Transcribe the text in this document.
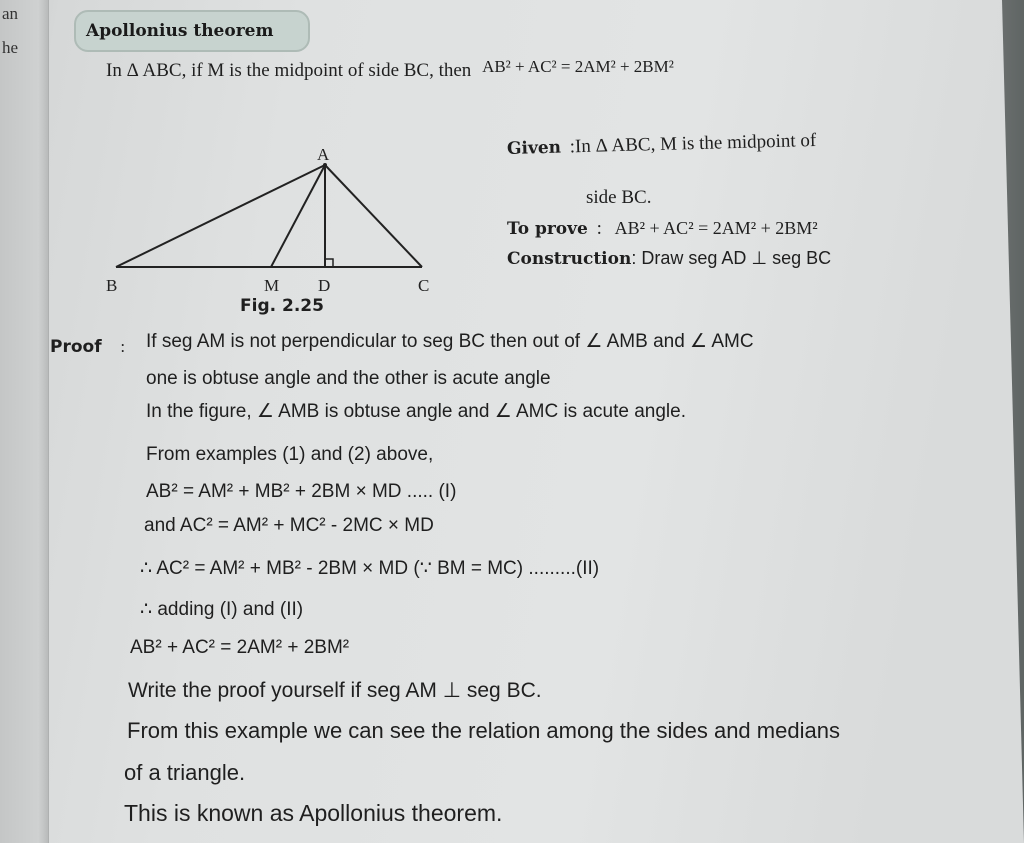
an
he
Apollonius theorem
In Δ ABC, if M is the midpoint of side BC, then AB² + AC² = 2AM² + 2BM²
A
B	M D	C
Fig. 2.25
Given :In Δ ABC, M is the midpoint of
side BC.
To prove : AB² + AC² = 2AM² + 2BM²
Construction: Draw seg AD ⊥ seg BC
Proof : If seg AM is not perpendicular to seg BC then out of ∠ AMB and ∠ AMC
one is obtuse angle and the other is acute angle
In the figure, ∠ AMB is obtuse angle and ∠ AMC is acute angle.
From examples (1) and (2) above,
AB² = AM² + MB² + 2BM × MD ..... (I)
and AC² = AM² + MC² - 2MC × MD
∴ AC² = AM² + MB² - 2BM × MD (∵ BM = MC) .........(II)
∴ adding (I) and (II)
AB² + AC² = 2AM² + 2BM²
Write the proof yourself if seg AM ⊥ seg BC.
From this example we can see the relation among the sides and medians
of a triangle.
This is known as Apollonius theorem.
